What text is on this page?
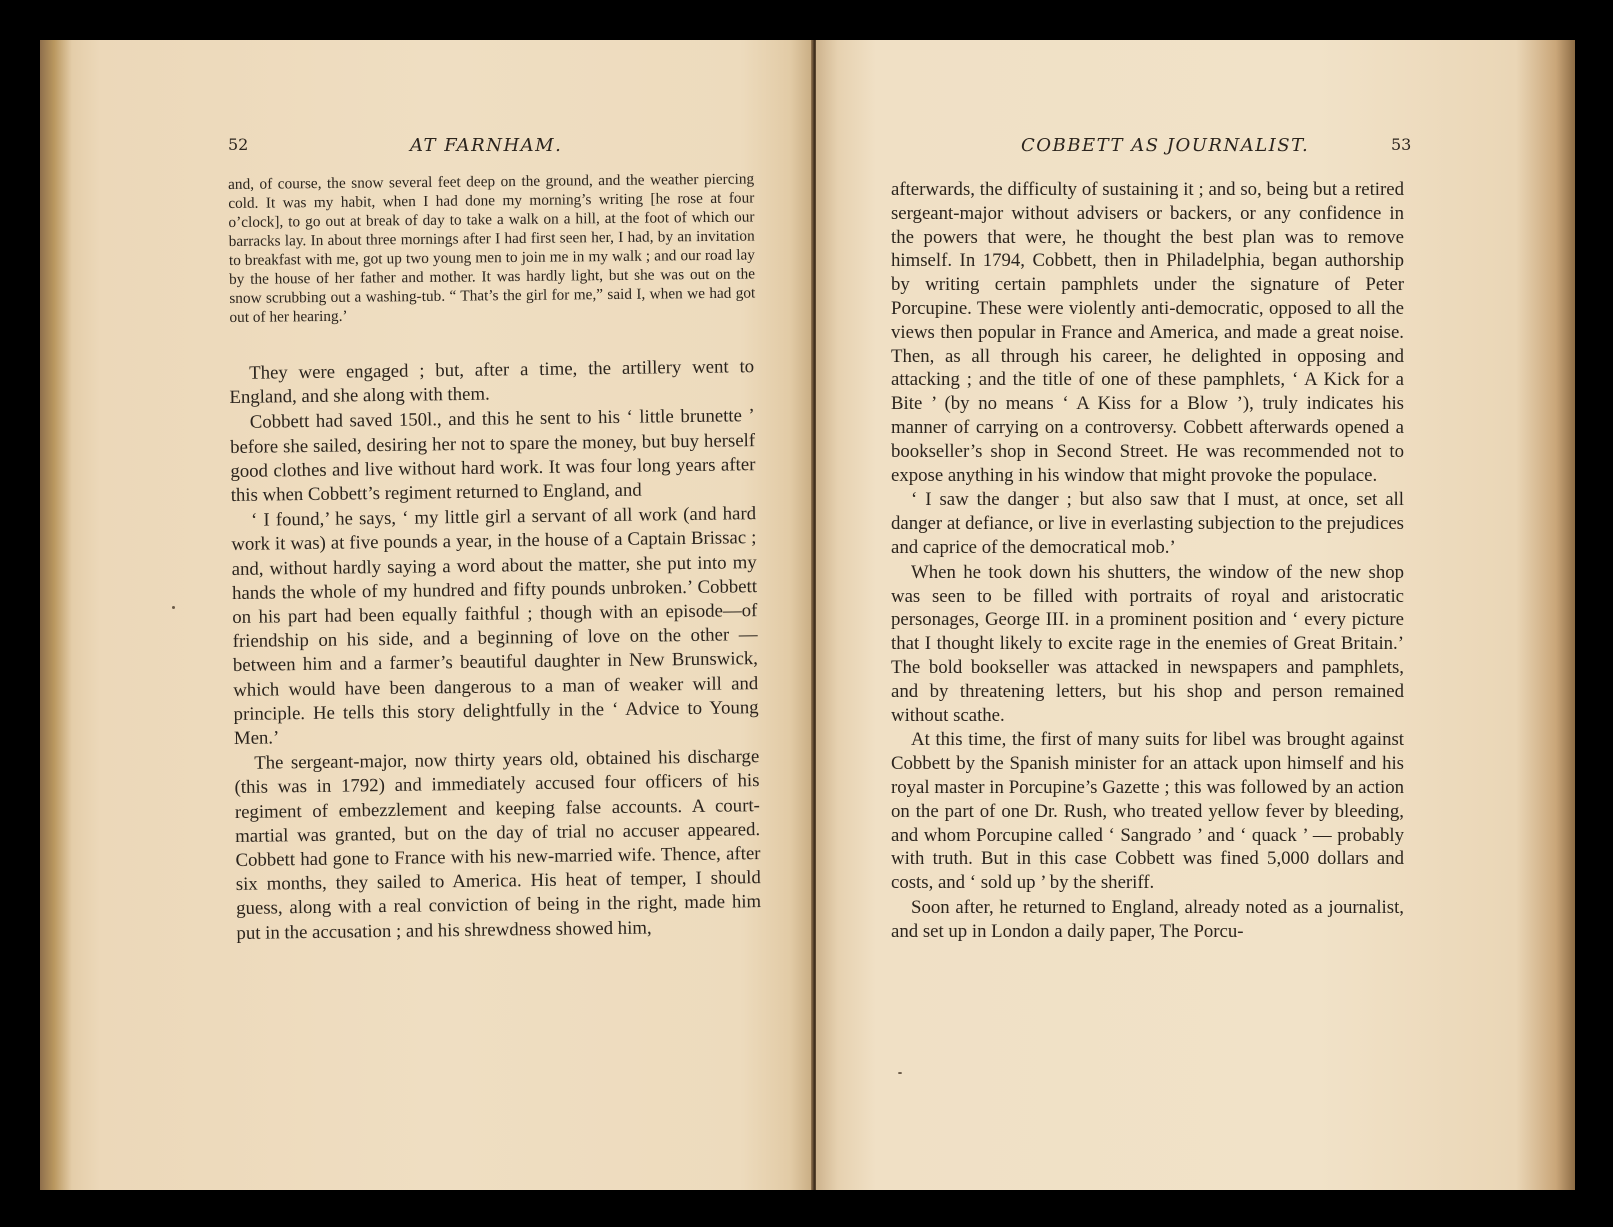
52	AT FARNHAM.

and, of course, the snow several feet deep on the ground, and the weather piercing cold. It was my habit, when I had done my morning’s writing [he rose at four o’clock], to go out at break of day to take a walk on a hill, at the foot of which our barracks lay. In about three mornings after I had first seen her, I had, by an invitation to breakfast with me, got up two young men to join me in my walk ; and our road lay by the house of her father and mother. It was hardly light, but she was out on the snow scrubbing out a washing-tub. “ That’s the girl for me,” said I, when we had got out of her hearing.’

They were engaged ; but, after a time, the artillery went to England, and she along with them.

Cobbett had saved 150l., and this he sent to his ‘ little brunette ’ before she sailed, desiring her not to spare the money, but buy herself good clothes and live without hard work. It was four long years after this when Cobbett’s regiment returned to England, and

‘ I found,’ he says, ‘ my little girl a servant of all work (and hard work it was) at five pounds a year, in the house of a Captain Brissac ; and, without hardly saying a word about the matter, she put into my hands the whole of my hundred and fifty pounds unbroken.’ Cobbett on his part had been equally faithful ; though with an episode—of friendship on his side, and a beginning of love on the other —between him and a farmer’s beautiful daughter in New Brunswick, which would have been dangerous to a man of weaker will and principle. He tells this story delightfully in the ‘ Advice to Young Men.’

The sergeant-major, now thirty years old, obtained his discharge (this was in 1792) and immediately accused four officers of his regiment of embezzlement and keeping false accounts. A court-martial was granted, but on the day of trial no accuser appeared. Cobbett had gone to France with his new-married wife. Thence, after six months, they sailed to America. His heat of temper, I should guess, along with a real conviction of being in the right, made him put in the accusation ; and his shrewdness showed him,

COBBETT AS JOURNALIST.	53

afterwards, the difficulty of sustaining it ; and so, being but a retired sergeant-major without advisers or backers, or any confidence in the powers that were, he thought the best plan was to remove himself. In 1794, Cobbett, then in Philadelphia, began authorship by writing certain pamphlets under the signature of Peter Porcupine. These were violently anti-democratic, opposed to all the views then popular in France and America, and made a great noise. Then, as all through his career, he delighted in opposing and attacking ; and the title of one of these pamphlets, ‘ A Kick for a Bite ’ (by no means ‘ A Kiss for a Blow ’), truly indicates his manner of carrying on a controversy. Cobbett afterwards opened a bookseller’s shop in Second Street. He was recommended not to expose anything in his window that might provoke the populace.

‘ I saw the danger ; but also saw that I must, at once, set all danger at defiance, or live in everlasting subjection to the prejudices and caprice of the democratical mob.’

When he took down his shutters, the window of the new shop was seen to be filled with portraits of royal and aristocratic personages, George III. in a prominent position and ‘ every picture that I thought likely to excite rage in the enemies of Great Britain.’ The bold bookseller was attacked in newspapers and pamphlets, and by threatening letters, but his shop and person remained without scathe.

At this time, the first of many suits for libel was brought against Cobbett by the Spanish minister for an attack upon himself and his royal master in Porcupine’s Gazette ; this was followed by an action on the part of one Dr. Rush, who treated yellow fever by bleeding, and whom Porcupine called ‘ Sangrado ’ and ‘ quack ’ — probably with truth. But in this case Cobbett was fined 5,000 dollars and costs, and ‘ sold up ’ by the sheriff.

Soon after, he returned to England, already noted as a journalist, and set up in London a daily paper, The Porcu-
